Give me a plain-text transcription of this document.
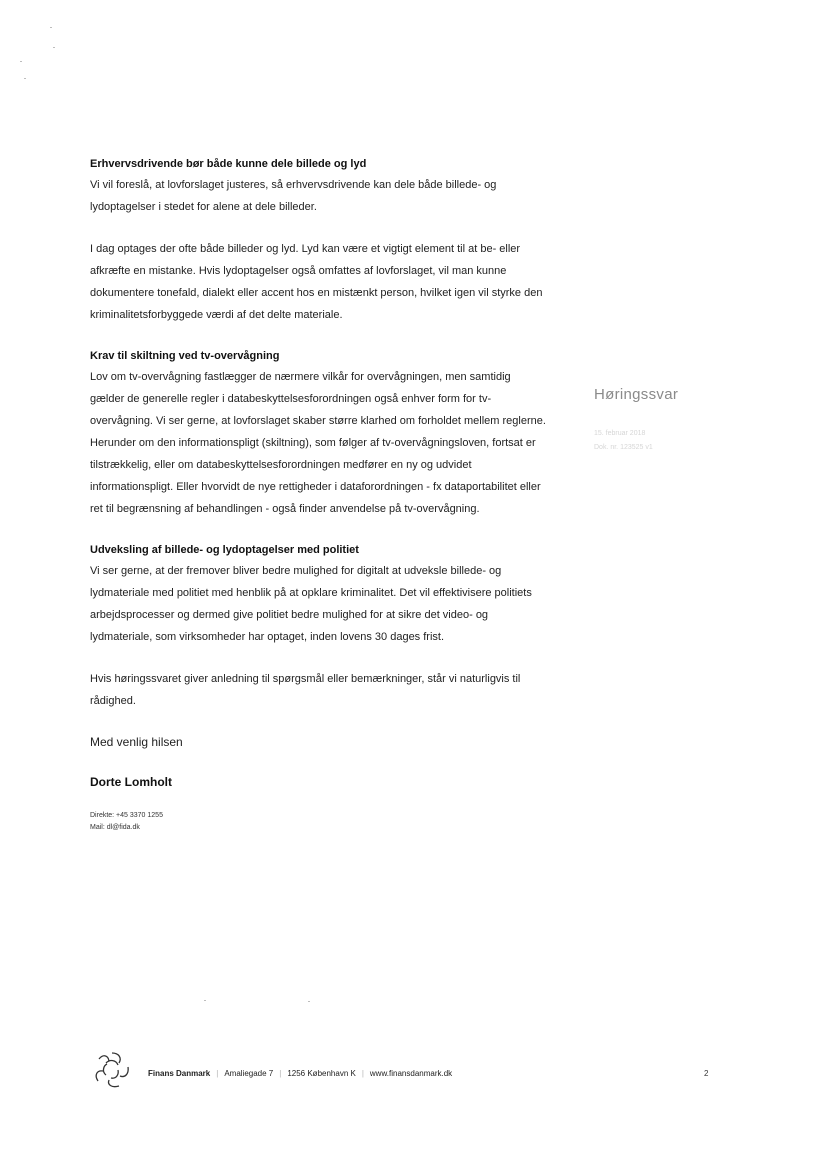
Erhvervsdrivende bør både kunne dele billede og lyd
Vi vil foreslå, at lovforslaget justeres, så erhvervsdrivende kan dele både billede- og lydoptagelser i stedet for alene at dele billeder.
I dag optages der ofte både billeder og lyd. Lyd kan være et vigtigt element til at be- eller afkræfte en mistanke. Hvis lydoptagelser også omfattes af lovforslaget, vil man kunne dokumentere tonefald, dialekt eller accent hos en mistænkt person, hvilket igen vil styrke den kriminalitetsforbyggede værdi af det delte materiale.
Krav til skiltning ved tv-overvågning
Lov om tv-overvågning fastlægger de nærmere vilkår for overvågningen, men samtidig gælder de generelle regler i databeskyttelsesforordningen også enhver form for tv-overvågning. Vi ser gerne, at lovforslaget skaber større klarhed om forholdet mellem reglerne. Herunder om den informationspligt (skiltning), som følger af tv-overvågningsloven, fortsat er tilstrækkelig, eller om databeskyttelsesforordningen medfører en ny og udvidet informationspligt. Eller hvorvidt de nye rettigheder i dataforordningen - fx dataportabilitet eller ret til begrænsning af behandlingen - også finder anvendelse på tv-overvågning.
Udveksling af billede- og lydoptagelser med politiet
Vi ser gerne, at der fremover bliver bedre mulighed for digitalt at udveksle billede- og lydmateriale med politiet med henblik på at opklare kriminalitet. Det vil effektivisere politiets arbejdsprocesser og dermed give politiet bedre mulighed for at sikre det video- og lydmateriale, som virksomheder har optaget, inden lovens 30 dages frist.
Hvis høringssvaret giver anledning til spørgsmål eller bemærkninger, står vi naturligvis til rådighed.
Med venlig hilsen
Dorte Lomholt
Direkte: +45 3370 1255
Mail: dl@fida.dk
Høringssvar
15. februar 2018
Dok. nr. 123525 v1
Finans Danmark | Amaliegade 7 | 1256 København K | www.finansdanmark.dk	2
